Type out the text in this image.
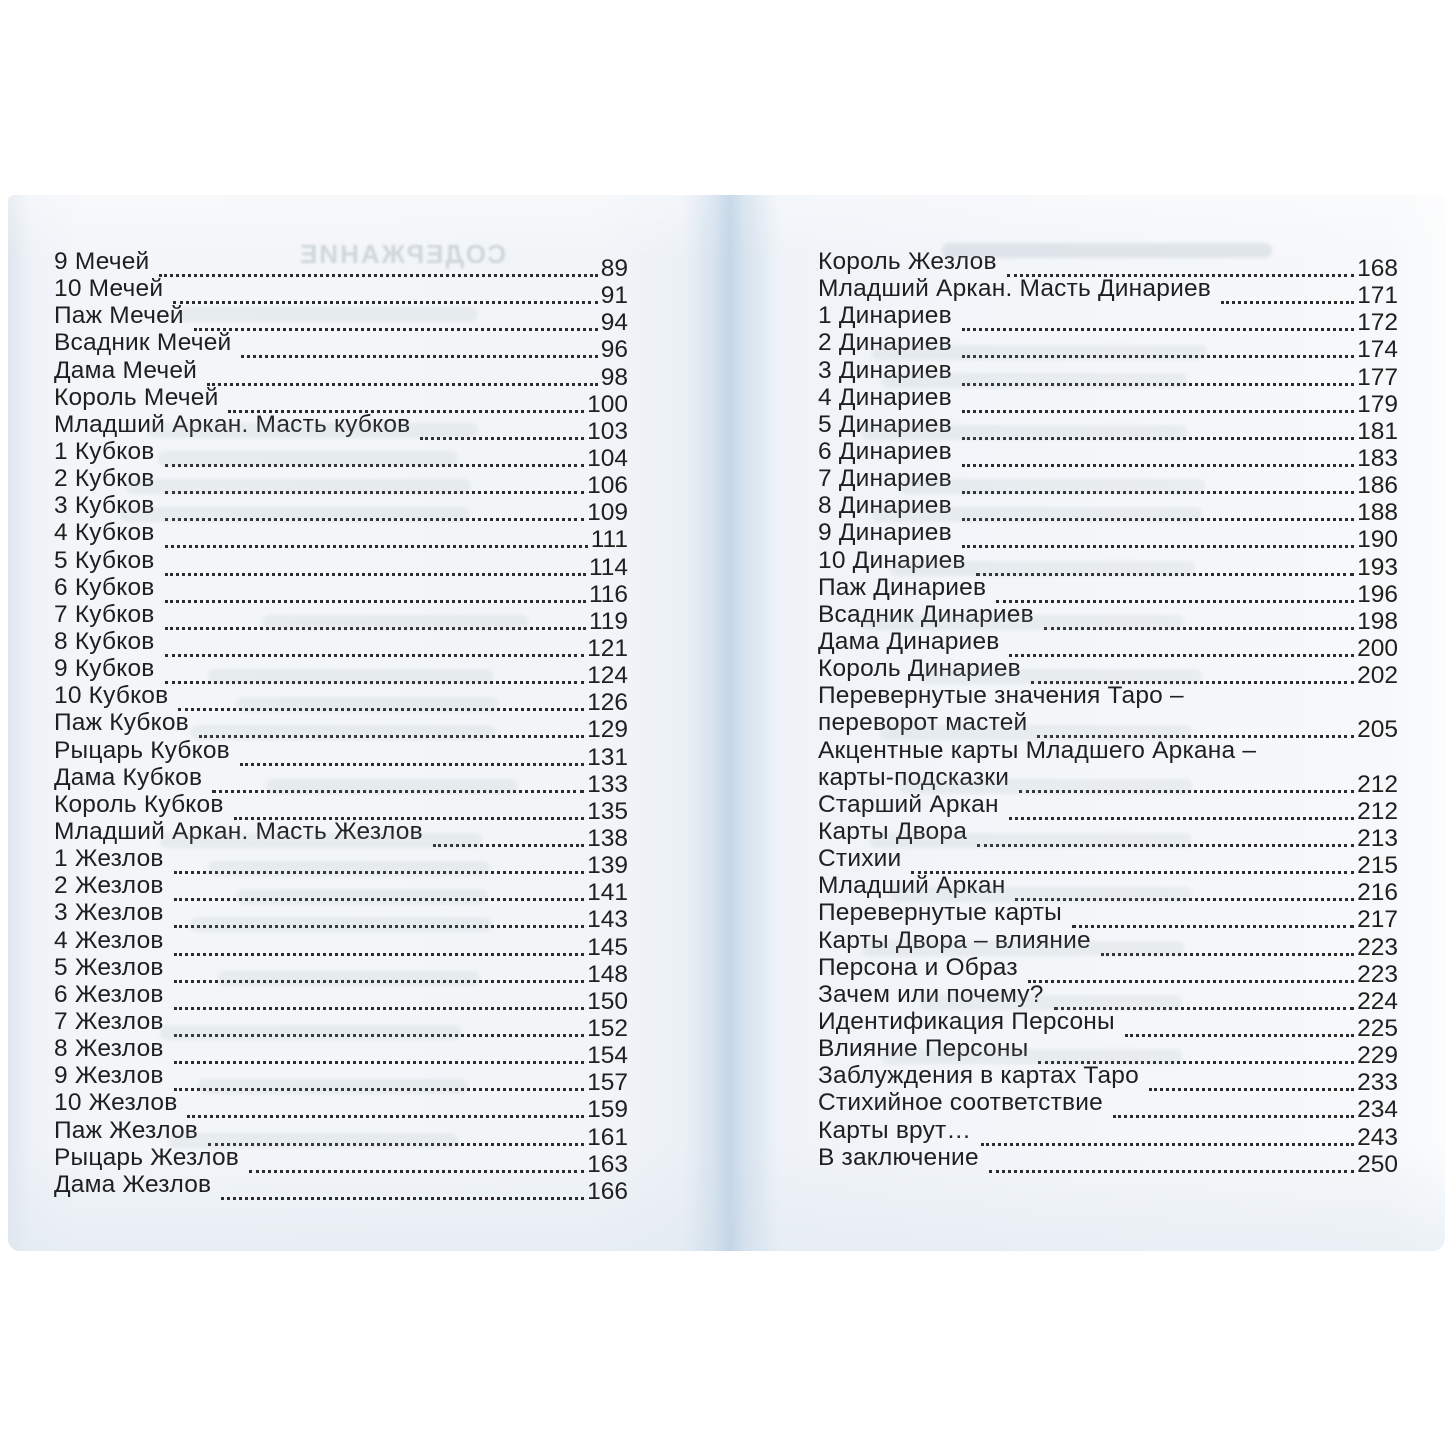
СОДЕРЖАНИЕ
9 Мечей	89
10 Мечей	91
Паж Мечей	94
Всадник Мечей	96
Дама Мечей	98
Король Мечей	100
Младший Аркан. Масть кубков	103
1 Кубков	104
2 Кубков	106
3 Кубков	109
4 Кубков	111
5 Кубков	114
6 Кубков	116
7 Кубков	119
8 Кубков	121
9 Кубков	124
10 Кубков	126
Паж Кубков	129
Рыцарь Кубков	131
Дама Кубков	133
Король Кубков	135
Младший Аркан. Масть Жезлов	138
1 Жезлов	139
2 Жезлов	141
3 Жезлов	143
4 Жезлов	145
5 Жезлов	148
6 Жезлов	150
7 Жезлов	152
8 Жезлов	154
9 Жезлов	157
10 Жезлов	159
Паж Жезлов	161
Рыцарь Жезлов	163
Дама Жезлов	166
Король Жезлов	168
Младший Аркан. Масть Динариев	171
1 Динариев	172
2 Динариев	174
3 Динариев	177
4 Динариев	179
5 Динариев	181
6 Динариев	183
7 Динариев	186
8 Динариев	188
9 Динариев	190
10 Динариев	193
Паж Динариев	196
Всадник Динариев	198
Дама Динариев	200
Король Динариев	202
Перевернутые значения Таро –
переворот мастей	205
Акцентные карты Младшего Аркана –
карты-подсказки	212
Старший Аркан	212
Карты Двора	213
Стихии	215
Младший Аркан	216
Перевернутые карты	217
Карты Двора – влияние	223
Персона и Образ	223
Зачем или почему?	224
Идентификация Персоны	225
Влияние Персоны	229
Заблуждения в картах Таро	233
Стихийное соответствие	234
Карты врут…	243
В заключение	250
